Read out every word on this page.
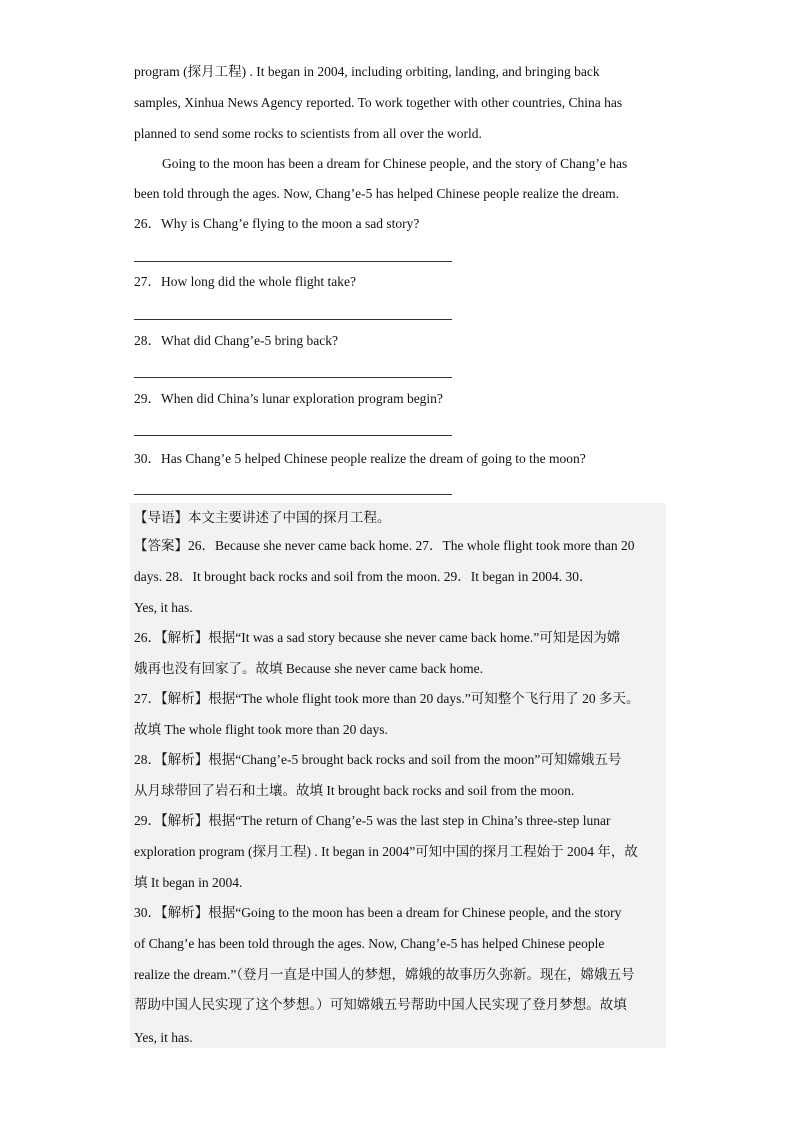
program (探月工程) . It began in 2004, including orbiting, landing, and bringing back
samples, Xinhua News Agency reported. To work together with other countries, China has
planned to send some rocks to scientists from all over the world.
Going to the moon has been a dream for Chinese people, and the story of Chang’e has
been told through the ages. Now, Chang’e-5 has helped Chinese people realize the dream.
26．Why is Chang’e flying to the moon a sad story?
27．How long did the whole flight take?
28．What did Chang’e-5 bring back?
29．When did China’s lunar exploration program begin?
30．Has Chang’e 5 helped Chinese people realize the dream of going to the moon?
【导语】本文主要讲述了中国的探月工程。
【答案】26．Because she never came back home. 27．The whole flight took more than 20
days. 28．It brought back rocks and soil from the moon. 29．It began in 2004. 30．
Yes, it has.
26．【解析】根据“It was a sad story because she never came back home.”可知是因为嫦
娥再也没有回家了。故填 Because she never came back home.
27．【解析】根据“The whole flight took more than 20 days.”可知整个飞行用了 20 多天。
故填 The whole flight took more than 20 days.
28．【解析】根据“Chang’e-5 brought back rocks and soil from the moon”可知嫦娥五号
从月球带回了岩石和土壤。故填 It brought back rocks and soil from the moon.
29．【解析】根据“The return of Chang’e-5 was the last step in China’s three-step lunar
exploration program (探月工程) . It began in 2004”可知中国的探月工程始于 2004 年，故
填 It began in 2004.
30．【解析】根据“Going to the moon has been a dream for Chinese people, and the story
of Chang’e has been told through the ages. Now, Chang’e-5 has helped Chinese people
realize the dream.”（登月一直是中国人的梦想，嫦娥的故事历久弥新。现在，嫦娥五号
帮助中国人民实现了这个梦想。）可知嫦娥五号帮助中国人民实现了登月梦想。故填
Yes, it has.
